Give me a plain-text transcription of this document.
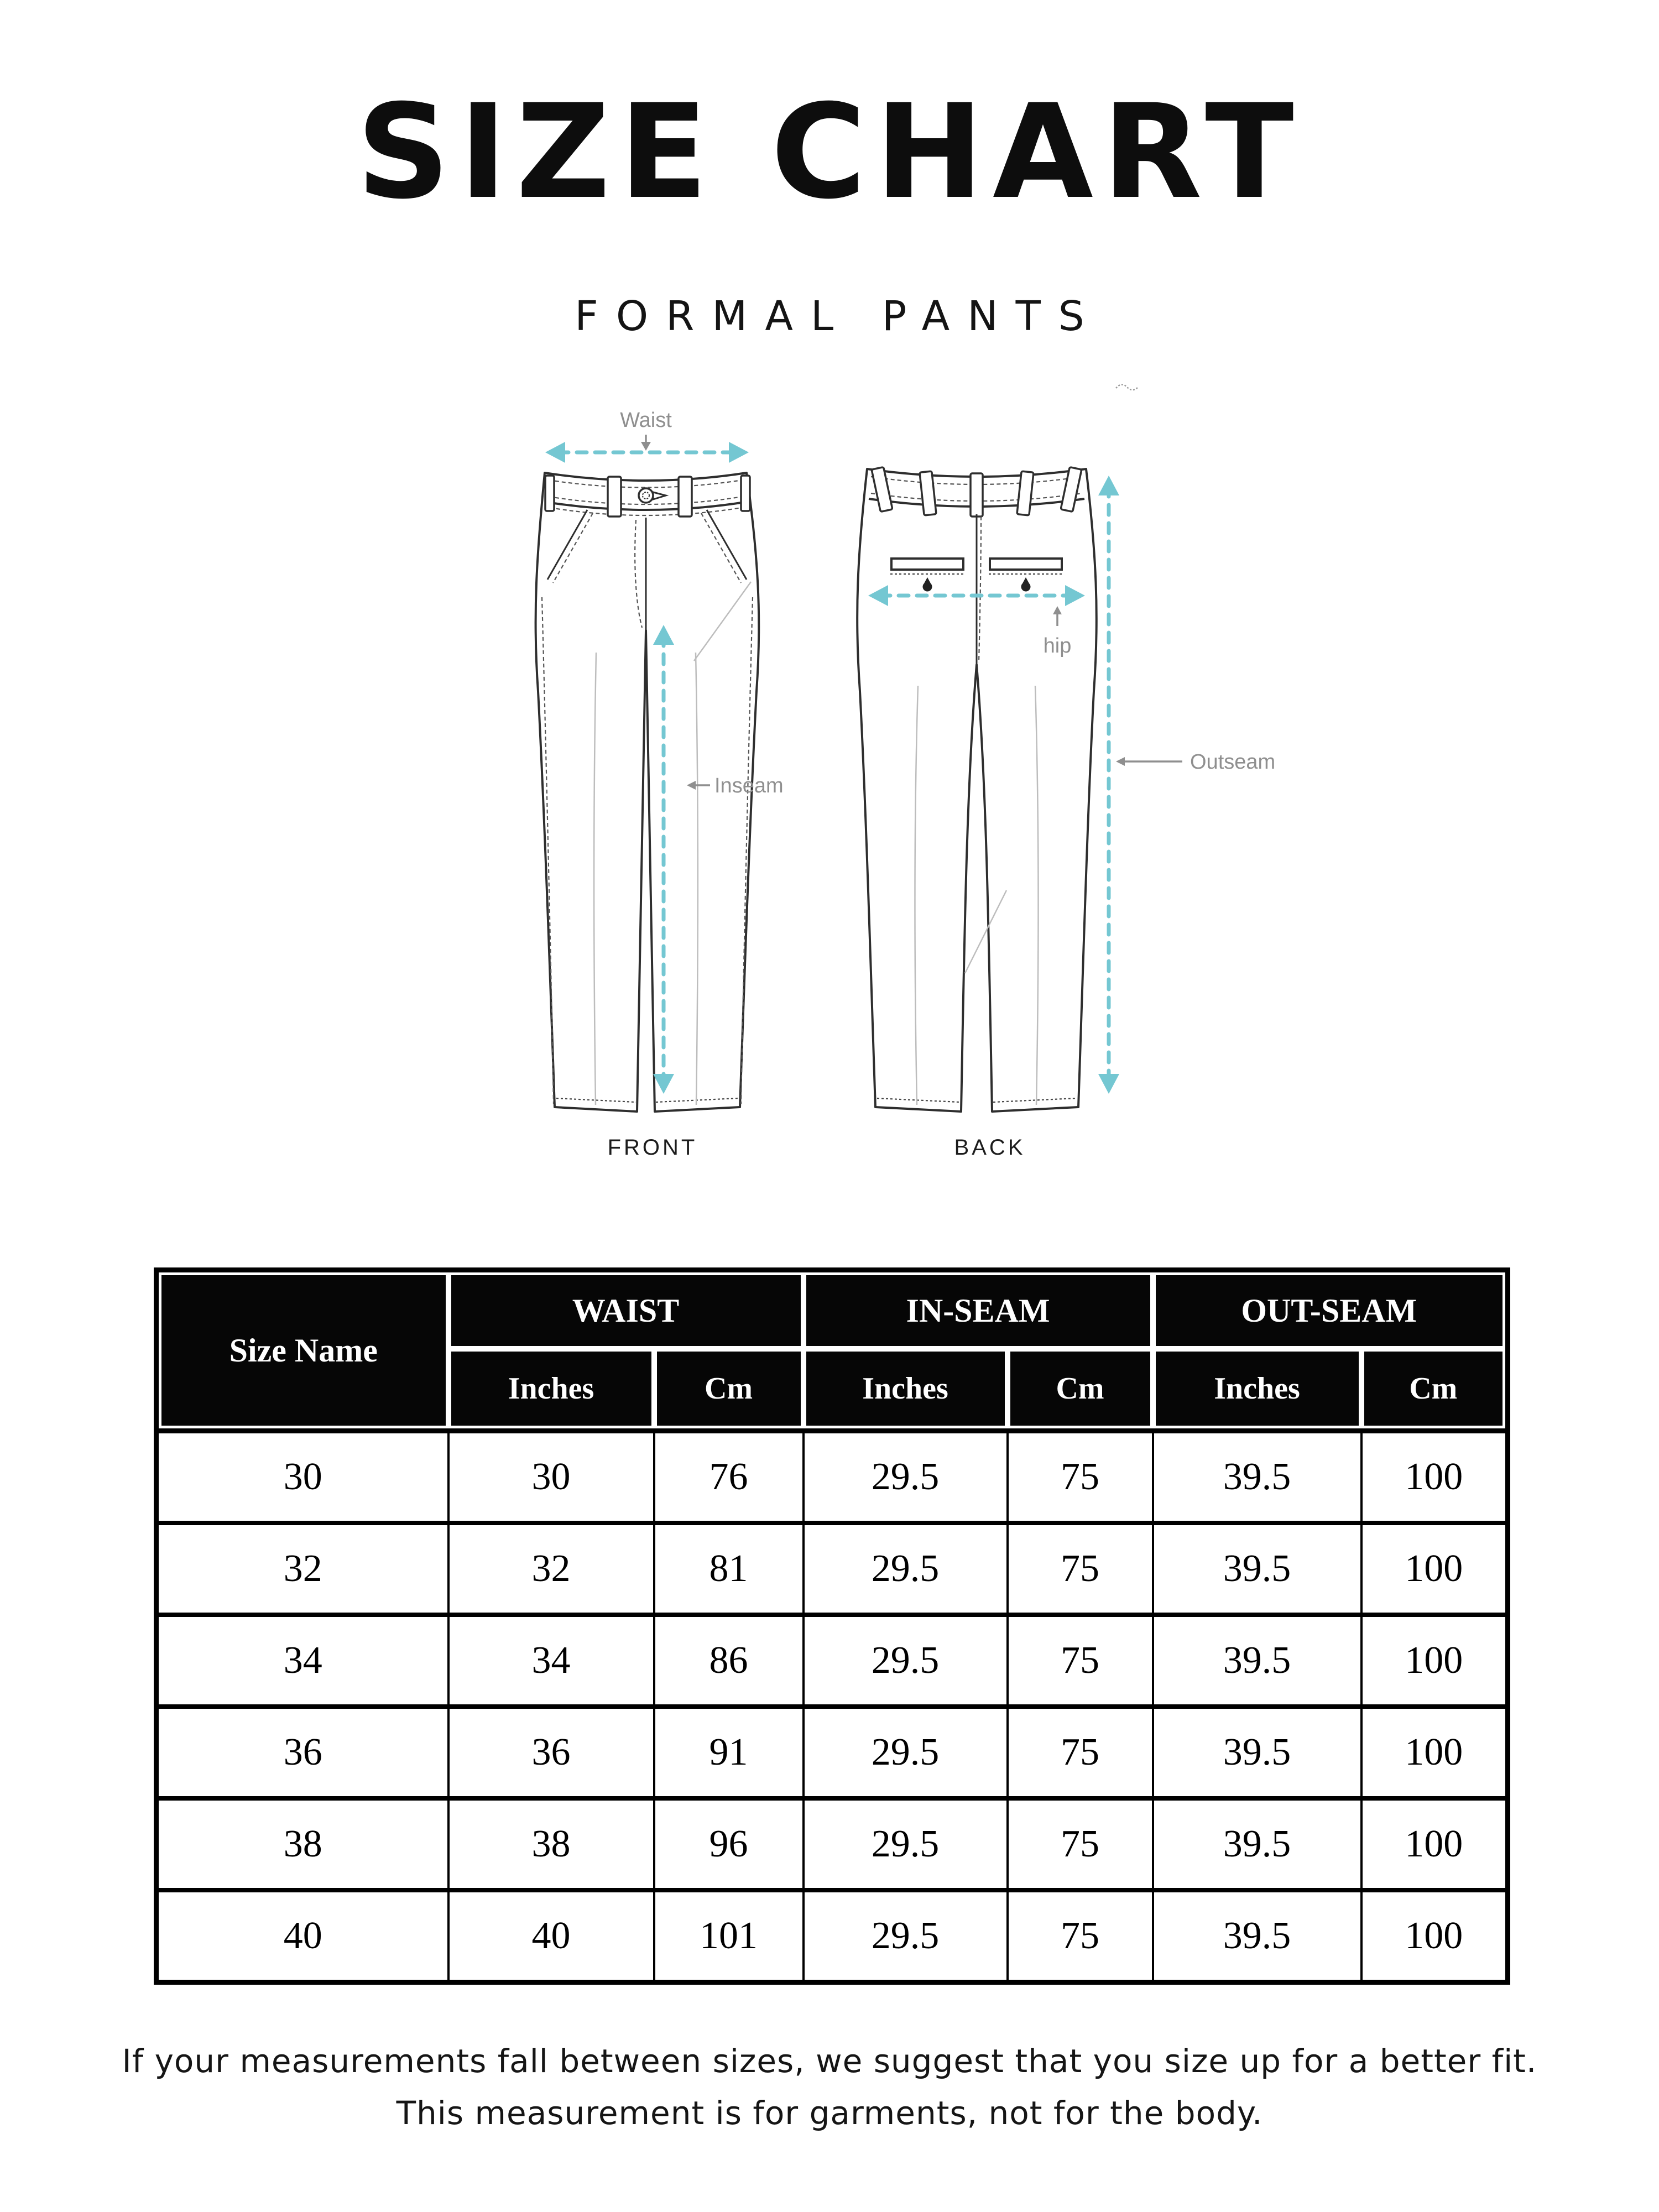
SIZE CHART
FORMAL PANTS
Waist
hip
Inseam
Outseam
FRONT	BACK
Size Name	WAIST		IN-SEAM		OUT-SEAM	

Inches	Cm	Inches	Cm	Inches	Cm

30	30	76	29.5	75	39.5	100
32	32	81	29.5	75	39.5	100
34	34	86	29.5	75	39.5	100
36	36	91	29.5	75	39.5	100
38	38	96	29.5	75	39.5	100
40	40	101	29.5	75	39.5	100
If your measurements fall between sizes, we suggest that you size up for a better fit.
This measurement is for garments, not for the body.
